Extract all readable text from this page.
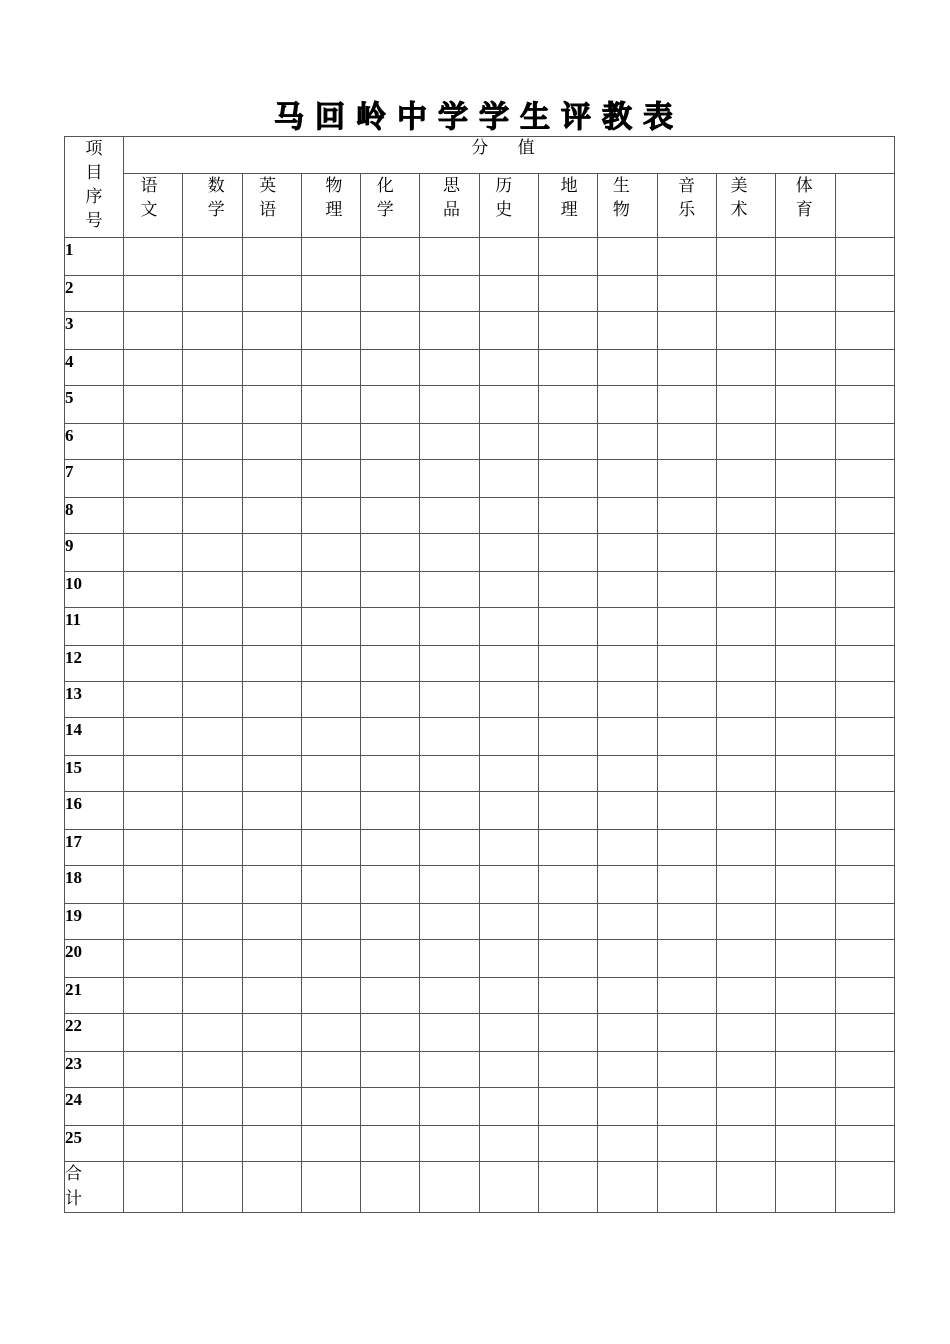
马回岭中学学生评教表
项目序号	分 值												

	语文	数学	英语	物理	化学	思品	历史	地理	生物	音乐	美术	体育	

1													
2													
3													
4													
5													
6													
7													
8													
9													
10													
11													
12													
13													
14													
15													
16													
17													
18													
19													
20													
21													
22													
23													
24													
25													

合计													
